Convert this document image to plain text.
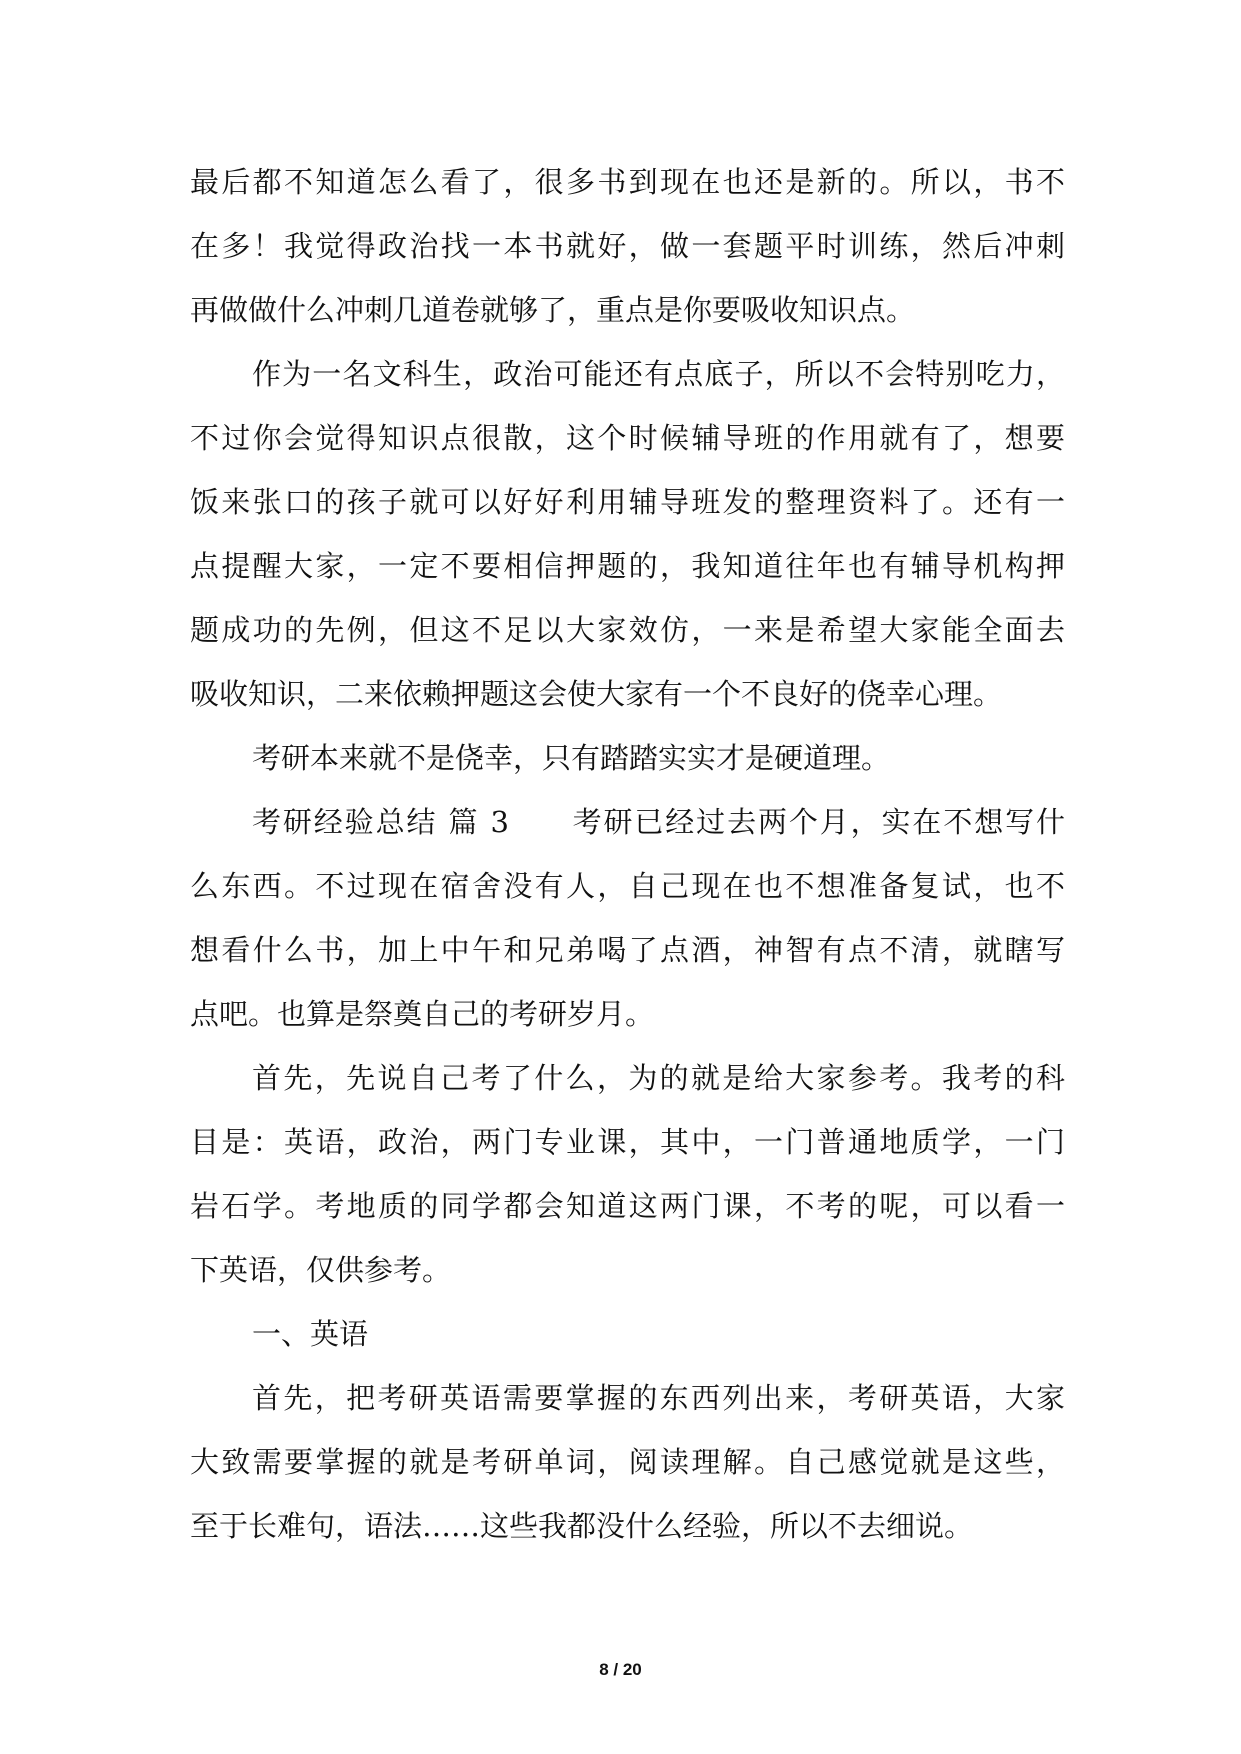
最后都不知道怎么看了，很多书到现在也还是新的。所以，书不
在多！我觉得政治找一本书就好，做一套题平时训练，然后冲刺
再做做什么冲刺几道卷就够了，重点是你要吸收知识点。
作为一名文科生，政治可能还有点底子，所以不会特别吃力，
不过你会觉得知识点很散，这个时候辅导班的作用就有了，想要
饭来张口的孩子就可以好好利用辅导班发的整理资料了。还有一
点提醒大家，一定不要相信押题的，我知道往年也有辅导机构押
题成功的先例，但这不足以大家效仿，一来是希望大家能全面去
吸收知识，二来依赖押题这会使大家有一个不良好的侥幸心理。
考研本来就不是侥幸，只有踏踏实实才是硬道理。
考研经验总结 篇 3　　考研已经过去两个月，实在不想写什
么东西。不过现在宿舍没有人，自己现在也不想准备复试，也不
想看什么书，加上中午和兄弟喝了点酒，神智有点不清，就瞎写
点吧。也算是祭奠自己的考研岁月。
首先，先说自己考了什么，为的就是给大家参考。我考的科
目是：英语，政治，两门专业课，其中，一门普通地质学，一门
岩石学。考地质的同学都会知道这两门课，不考的呢，可以看一
下英语，仅供参考。
一、英语
首先，把考研英语需要掌握的东西列出来，考研英语，大家
大致需要掌握的就是考研单词，阅读理解。自己感觉就是这些，
至于长难句，语法……这些我都没什么经验，所以不去细说。
8 / 20
